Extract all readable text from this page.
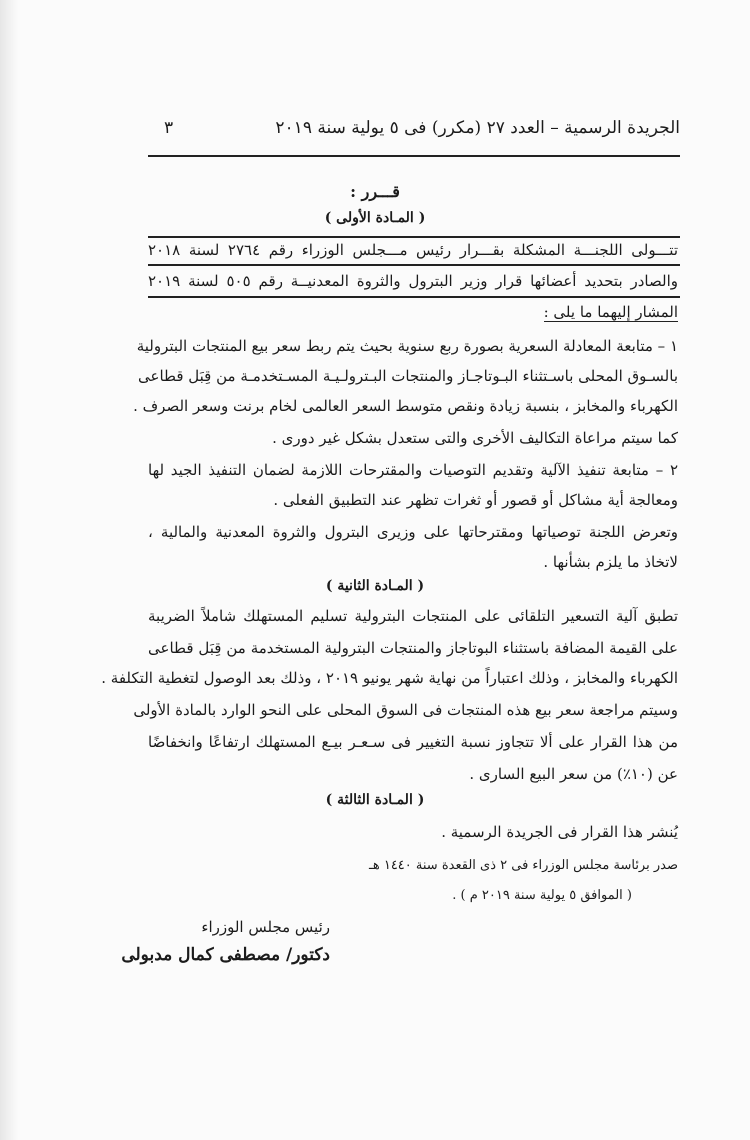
الجريدة الرسمية – العدد ٢٧ (مكرر) فى ٥ يولية سنة ٢٠١٩
٣
قـــرر :
( المـادة الأولى )
تتـــولى اللجنـــة المشكلة بقـــرار رئيس مـــجلس الوزراء رقم ٢٧٦٤ لسنة ٢٠١٨
والصادر بتحديد أعضائها قرار وزير البترول والثروة المعدنيــة رقم ٥٠٥ لسنة ٢٠١٩
المشار إليهما ما يلى :
١ – متابعة المعادلة السعرية بصورة ربع سنوية بحيث يتم ربط سعر بيع المنتجات البترولية
بالسـوق المحلى باسـتثناء البـوتاجـاز والمنتجات البـترولـيـة المسـتخدمـة من قِبَل قطاعى
الكهرباء والمخابز ، بنسبة زيادة ونقص متوسط السعر العالمى لخام برنت وسعر الصرف .
كما سيتم مراعاة التكاليف الأخرى والتى ستعدل بشكل غير دورى .
٢ – متابعة تنفيذ الآلية وتقديم التوصيات والمقترحات اللازمة لضمان التنفيذ الجيد لها
ومعالجة أية مشاكل أو قصور أو ثغرات تظهر عند التطبيق الفعلى .
وتعرض اللجنة توصياتها ومقترحاتها على وزيرى البترول والثروة المعدنية والمالية ،
لاتخاذ ما يلزم بشأنها .
( المـادة الثانية )
تطبق آلية التسعير التلقائى على المنتجات البترولية تسليم المستهلك شاملاً الضريبة
على القيمة المضافة باستثناء البوتاجاز والمنتجات البترولية المستخدمة من قِبَل قطاعى
الكهرباء والمخابز ، وذلك اعتباراً من نهاية شهر يونيو ٢٠١٩ ، وذلك بعد الوصول لتغطية التكلفة .
وسيتم مراجعة سعر بيع هذه المنتجات فى السوق المحلى على النحو الوارد بالمادة الأولى
من هذا القرار على ألا تتجاوز نسبة التغيير فى سـعـر بيـع المستهلك ارتفاعًا وانخفاضًا
عن (١٠٪) من سعر البيع السارى .
( المـادة الثالثة )
يُنشر هذا القرار فى الجريدة الرسمية .
صدر برئاسة مجلس الوزراء فى ٢ ذى القعدة سنة ١٤٤٠ هـ
( الموافق ٥ يولية سنة ٢٠١٩ م ) .
رئيس مجلس الوزراء
دكتور/ مصطفى كمال مدبولى
